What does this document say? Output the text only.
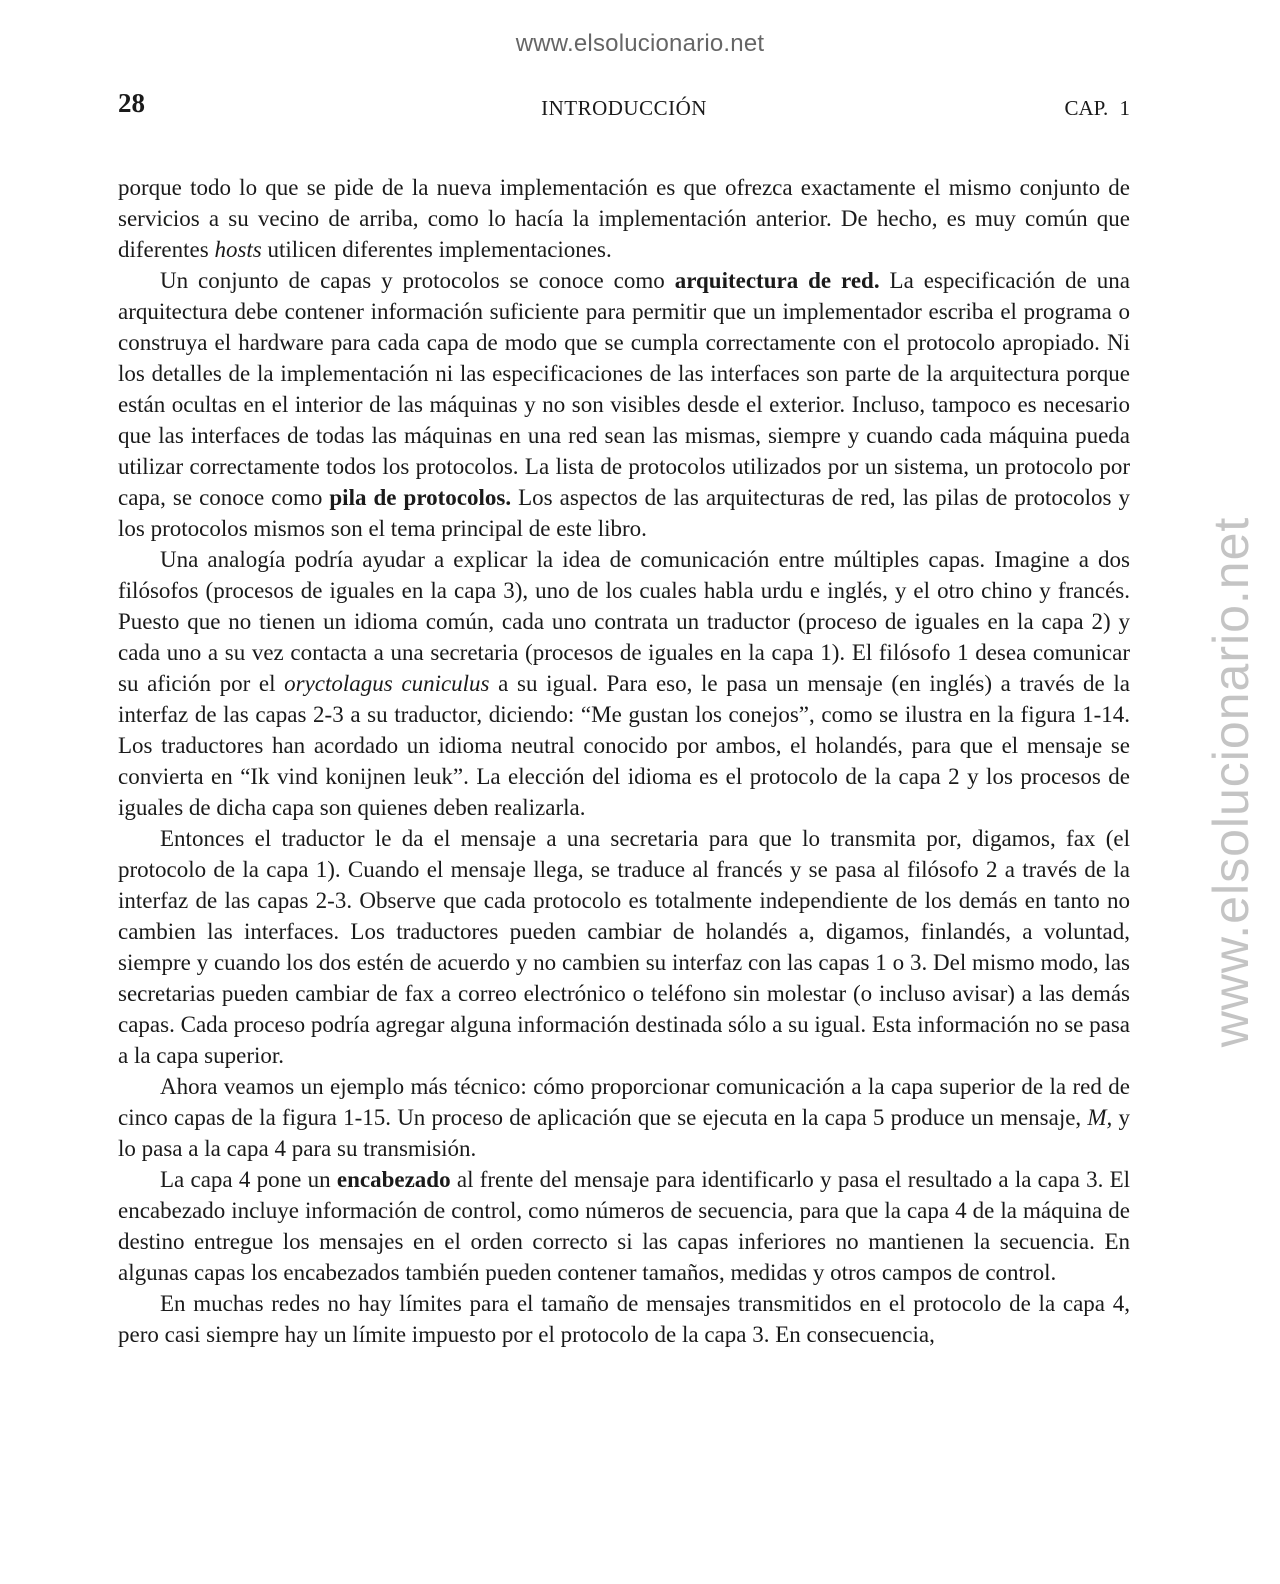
www.elsolucionario.net
www.elsolucionario.net
28	INTRODUCCIÓN	CAP. 1

porque todo lo que se pide de la nueva implementación es que ofrezca exactamente el mismo conjunto de servicios a su vecino de arriba, como lo hacía la implementación anterior. De hecho, es muy común que diferentes hosts utilicen diferentes implementaciones.

Un conjunto de capas y protocolos se conoce como arquitectura de red. La especificación de una arquitectura debe contener información suficiente para permitir que un implementador escriba el programa o construya el hardware para cada capa de modo que se cumpla correctamente con el protocolo apropiado. Ni los detalles de la implementación ni las especificaciones de las interfaces son parte de la arquitectura porque están ocultas en el interior de las máquinas y no son visibles desde el exterior. Incluso, tampoco es necesario que las interfaces de todas las máquinas en una red sean las mismas, siempre y cuando cada máquina pueda utilizar correctamente todos los protocolos. La lista de protocolos utilizados por un sistema, un protocolo por capa, se conoce como pila de protocolos. Los aspectos de las arquitecturas de red, las pilas de protocolos y los protocolos mismos son el tema principal de este libro.

Una analogía podría ayudar a explicar la idea de comunicación entre múltiples capas. Imagine a dos filósofos (procesos de iguales en la capa 3), uno de los cuales habla urdu e inglés, y el otro chino y francés. Puesto que no tienen un idioma común, cada uno contrata un traductor (proceso de iguales en la capa 2) y cada uno a su vez contacta a una secretaria (procesos de iguales en la capa 1). El filósofo 1 desea comunicar su afición por el oryctolagus cuniculus a su igual. Para eso, le pasa un mensaje (en inglés) a través de la interfaz de las capas 2-3 a su traductor, diciendo: “Me gustan los conejos”, como se ilustra en la figura 1-14. Los traductores han acordado un idioma neutral conocido por ambos, el holandés, para que el mensaje se convierta en “Ik vind konijnen leuk”. La elección del idioma es el protocolo de la capa 2 y los procesos de iguales de dicha capa son quienes deben realizarla.

Entonces el traductor le da el mensaje a una secretaria para que lo transmita por, digamos, fax (el protocolo de la capa 1). Cuando el mensaje llega, se traduce al francés y se pasa al filósofo 2 a través de la interfaz de las capas 2-3. Observe que cada protocolo es totalmente independiente de los demás en tanto no cambien las interfaces. Los traductores pueden cambiar de holandés a, digamos, finlandés, a voluntad, siempre y cuando los dos estén de acuerdo y no cambien su interfaz con las capas 1 o 3. Del mismo modo, las secretarias pueden cambiar de fax a correo electrónico o teléfono sin molestar (o incluso avisar) a las demás capas. Cada proceso podría agregar alguna información destinada sólo a su igual. Esta información no se pasa a la capa superior.

Ahora veamos un ejemplo más técnico: cómo proporcionar comunicación a la capa superior de la red de cinco capas de la figura 1-15. Un proceso de aplicación que se ejecuta en la capa 5 produce un mensaje, M, y lo pasa a la capa 4 para su transmisión.

La capa 4 pone un encabezado al frente del mensaje para identificarlo y pasa el resultado a la capa 3. El encabezado incluye información de control, como números de secuencia, para que la capa 4 de la máquina de destino entregue los mensajes en el orden correcto si las capas inferiores no mantienen la secuencia. En algunas capas los encabezados también pueden contener tamaños, medidas y otros campos de control.

En muchas redes no hay límites para el tamaño de mensajes transmitidos en el protocolo de la capa 4, pero casi siempre hay un límite impuesto por el protocolo de la capa 3. En consecuencia,
